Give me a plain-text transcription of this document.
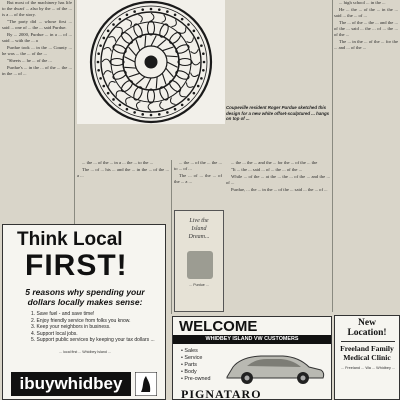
But most of the machinery has life to the dwarf ... also by the ... of the ... is a ... of the story.

"The party did ... whose first ... said ... one of ... the ... said Purdue.

By ... 2000, Purdue ... in a ... of ... said ... with the ... a

Purdue took ... in the ... County ... he was ... the ... of the ...

"Sheets ... he ... of the ...

Purdue's ... in the ... of the ... the ... in the ... of ...

Coupeville resident Roger Purdue sketched this design for a new white offset-sculptured ... hangs on top of ...

... the ... of the ... in a ... the ... to the ...

The ... of ... his ... and the ... in the ... of the ... a ...

... the ... the ... and the ... for the ... of the ... the

"It ... the ... said ... of ... the ... of the ...

While ... of the ... at the ... the ... of the ... and the ... of ...

Purdue, ... the ... in the ... of the ... said ... the ... of ...

... high school ... in the ...

He ... the ... of the ... in the ... said ... the ... of ...

The ... of the ... the ... and the ... of the ... said ... the ... of ... the ... of the ...

The ... in the ... of the ... for the ... and ... of the ...

... the ... of the ... the ... to ... of ...

The ... of ... the ... of the ... a ...

Live the
Island
Dream...
... Purdue ...
Think Local
FIRST!
5 reasons why spending your dollars locally makes sense:
1. Save fuel - and save time!
2. Enjoy friendly service from folks you know.
3. Keep your neighbors in business.
4. Support local jobs.
5. Support public services by keeping your tax dollars ...
... local first ... Whidbey Island ...
ibuywhidbey
WELCOME
WHIDBEY ISLAND VW CUSTOMERS
• Sales
• Service
• Parts
• Body
• Pre-owned
PIGNATARO
New
Location!
Freeland Family Medical Clinic
... Freeland ... Wa ... Whidbey ...
